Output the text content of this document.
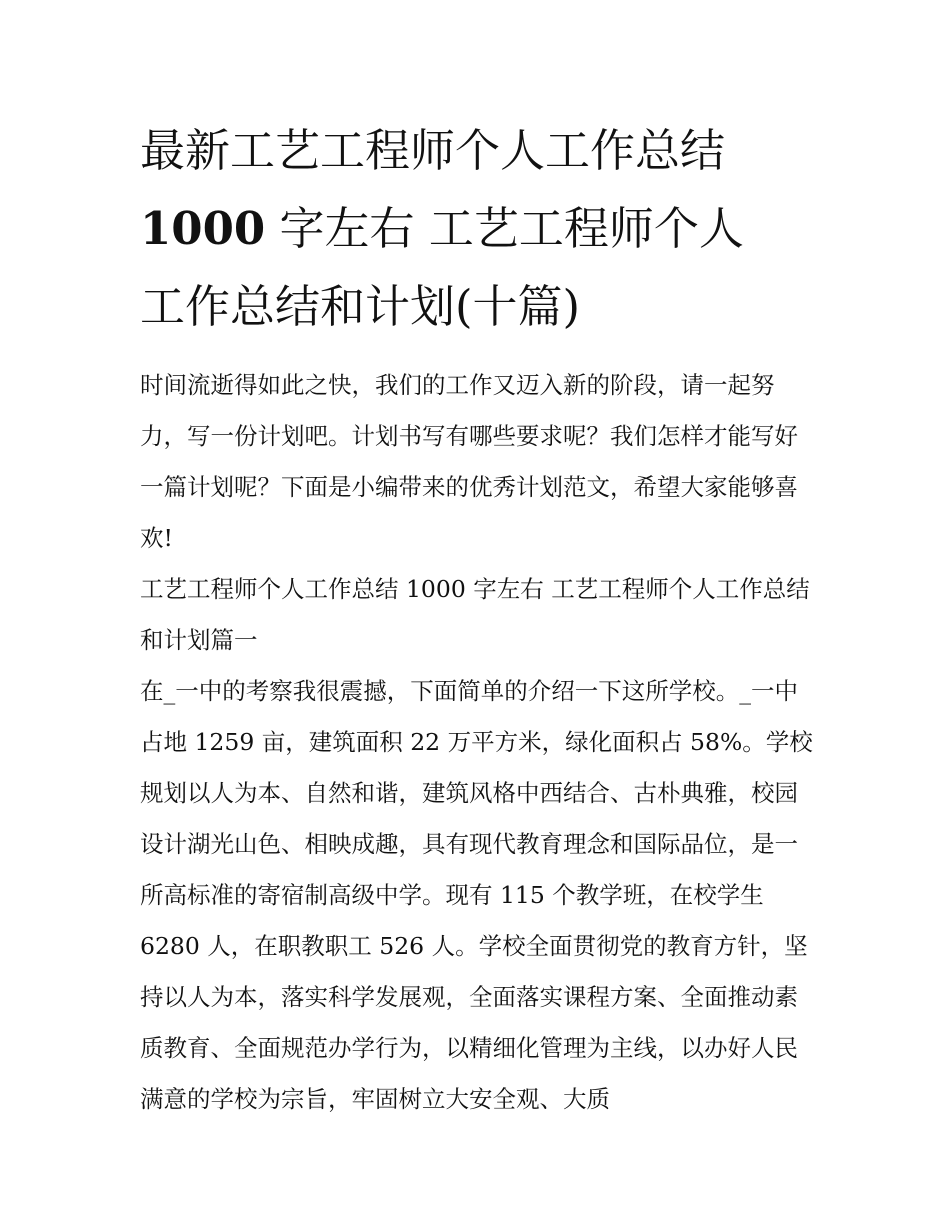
最新工艺工程师个人工作总结
1000 字左右 工艺工程师个人
工作总结和计划(十篇)

时间流逝得如此之快，我们的工作又迈入新的阶段，请一起努力，写一份计划吧。计划书写有哪些要求呢？我们怎样才能写好一篇计划呢？下面是小编带来的优秀计划范文，希望大家能够喜欢!

工艺工程师个人工作总结 1000 字左右 工艺工程师个人工作总结和计划篇一

在_一中的考察我很震撼，下面简单的介绍一下这所学校。_一中占地 1259 亩，建筑面积 22 万平方米，绿化面积占 58%。学校规划以人为本、自然和谐，建筑风格中西结合、古朴典雅，校园设计湖光山色、相映成趣，具有现代教育理念和国际品位，是一所高标准的寄宿制高级中学。现有 115 个教学班，在校学生 6280 人，在职教职工 526 人。学校全面贯彻党的教育方针，坚持以人为本，落实科学发展观，全面落实课程方案、全面推动素质教育、全面规范办学行为，以精细化管理为主线，以办好人民满意的学校为宗旨，牢固树立大安全观、大质
